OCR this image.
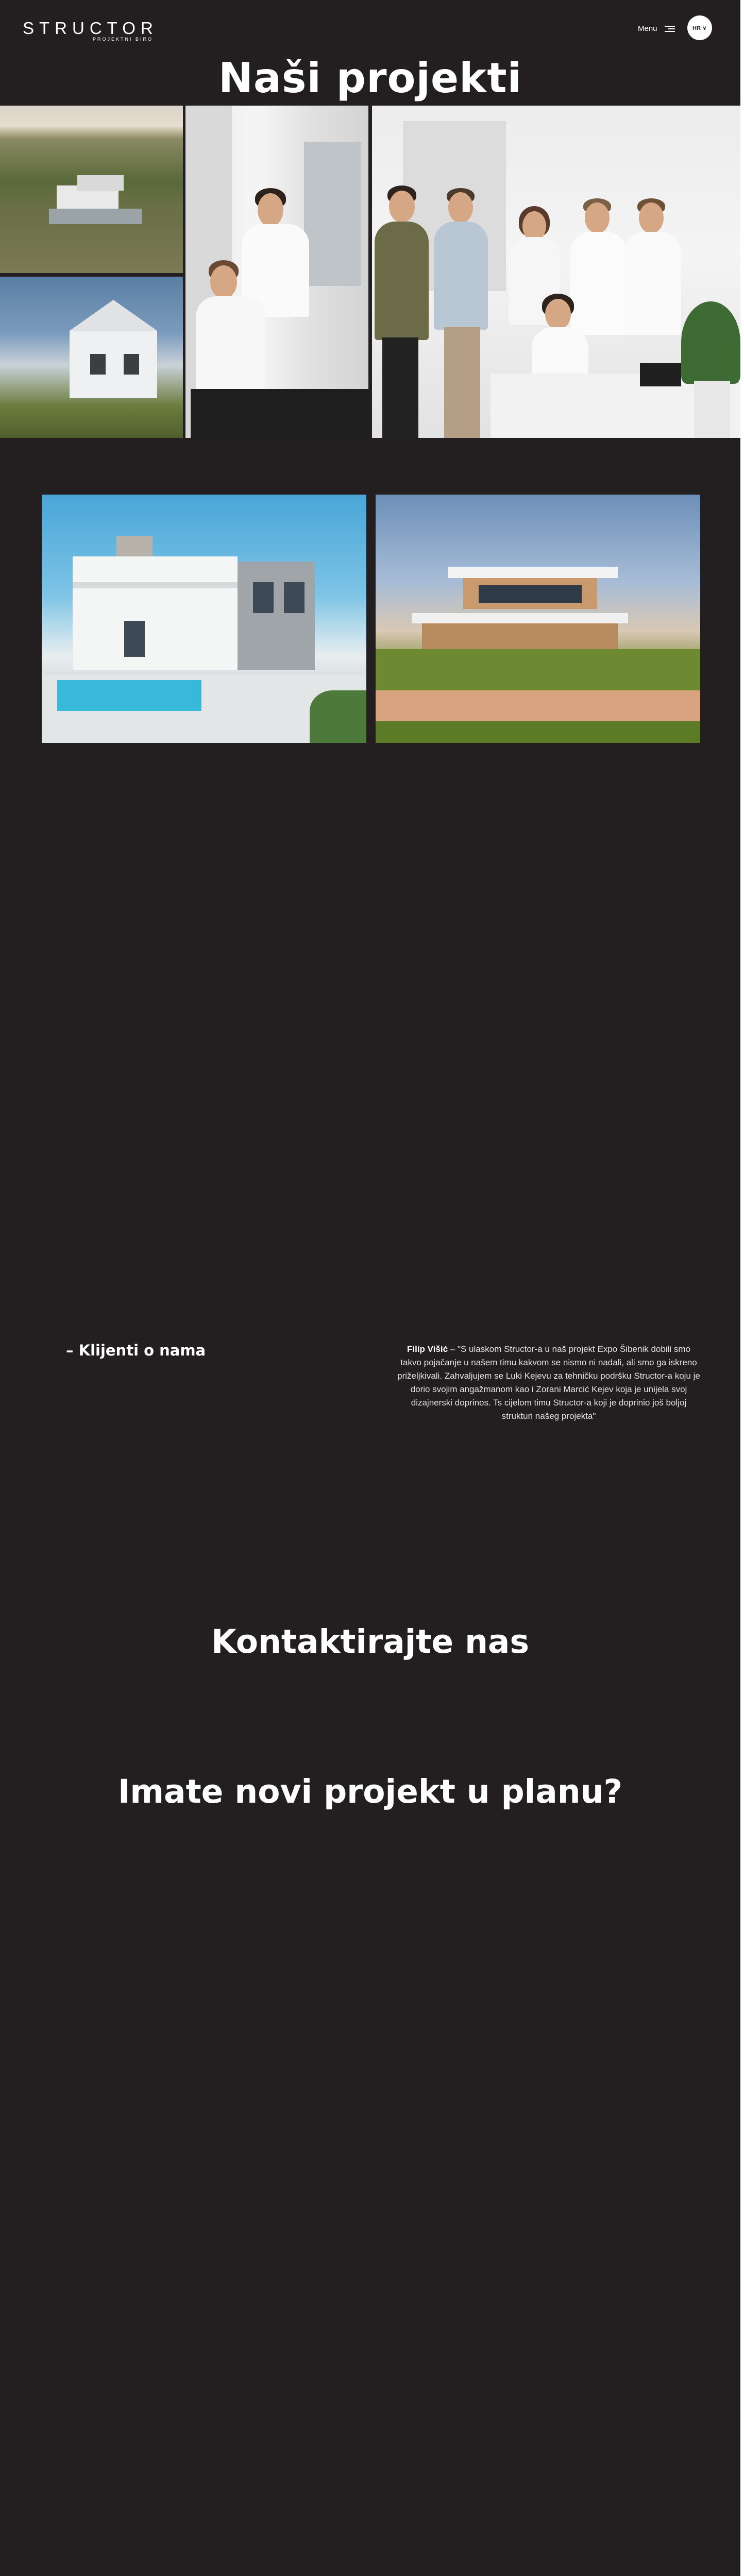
STRUCTOR
PROJEKTNI BIRO
Menu	HR ∨
Naši projekti
– Klijenti o nama	Filip Višić – "S ulaskom Structor-a u naš projekt Expo Šibenik dobili smo takvo pojačanje u našem timu kakvom se nismo ni nadali, ali smo ga iskreno priželjkivali. Zahvaljujem se Luki Kejevu za tehničku podršku Structor-a koju je dorio svojim angažmanom kao i Zorani Marcić Kejev koja je unijela svoj dizajnerski doprinos. Ts cijelom timu Structor-a koji je doprinio još boljoj strukturi našeg projekta"
Kontaktirajte nas
Imate novi projekt u planu?
